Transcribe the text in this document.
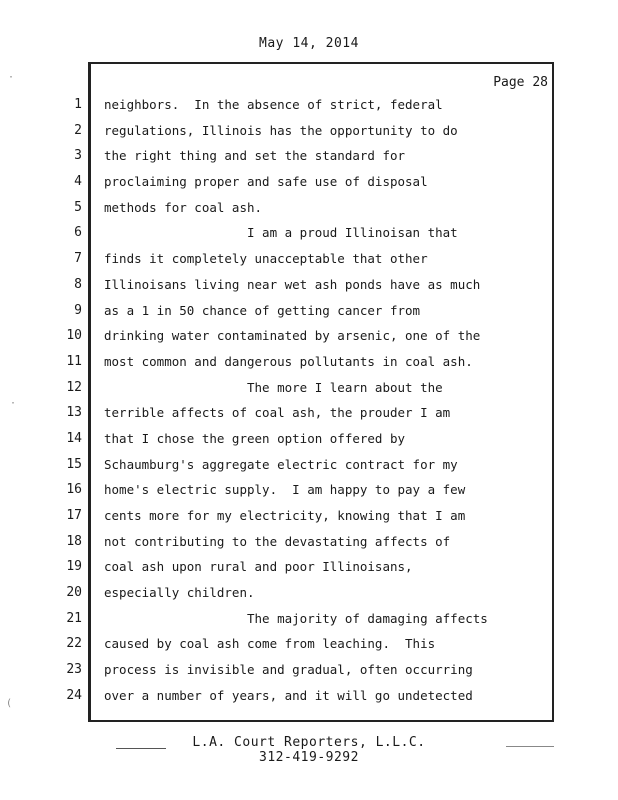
May 14, 2014
Page 28
1
2
3
4
5
6
7
8
9
10
11
12
13
14
15
16
17
18
19
20
21
22
23
24
neighbors.  In the absence of strict, federal
regulations, Illinois has the opportunity to do
the right thing and set the standard for
proclaiming proper and safe use of disposal
methods for coal ash.
I am a proud Illinoisan that
finds it completely unacceptable that other
Illinoisans living near wet ash ponds have as much
as a 1 in 50 chance of getting cancer from
drinking water contaminated by arsenic, one of the
most common and dangerous pollutants in coal ash.
The more I learn about the
terrible affects of coal ash, the prouder I am
that I chose the green option offered by
Schaumburg's aggregate electric contract for my
home's electric supply.  I am happy to pay a few
cents more for my electricity, knowing that I am
not contributing to the devastating affects of
coal ash upon rural and poor Illinoisans,
especially children.
The majority of damaging affects
caused by coal ash come from leaching.  This
process is invisible and gradual, often occurring
over a number of years, and it will go undetected
L.A. Court Reporters, L.L.C.
312-419-9292
·
·
(
